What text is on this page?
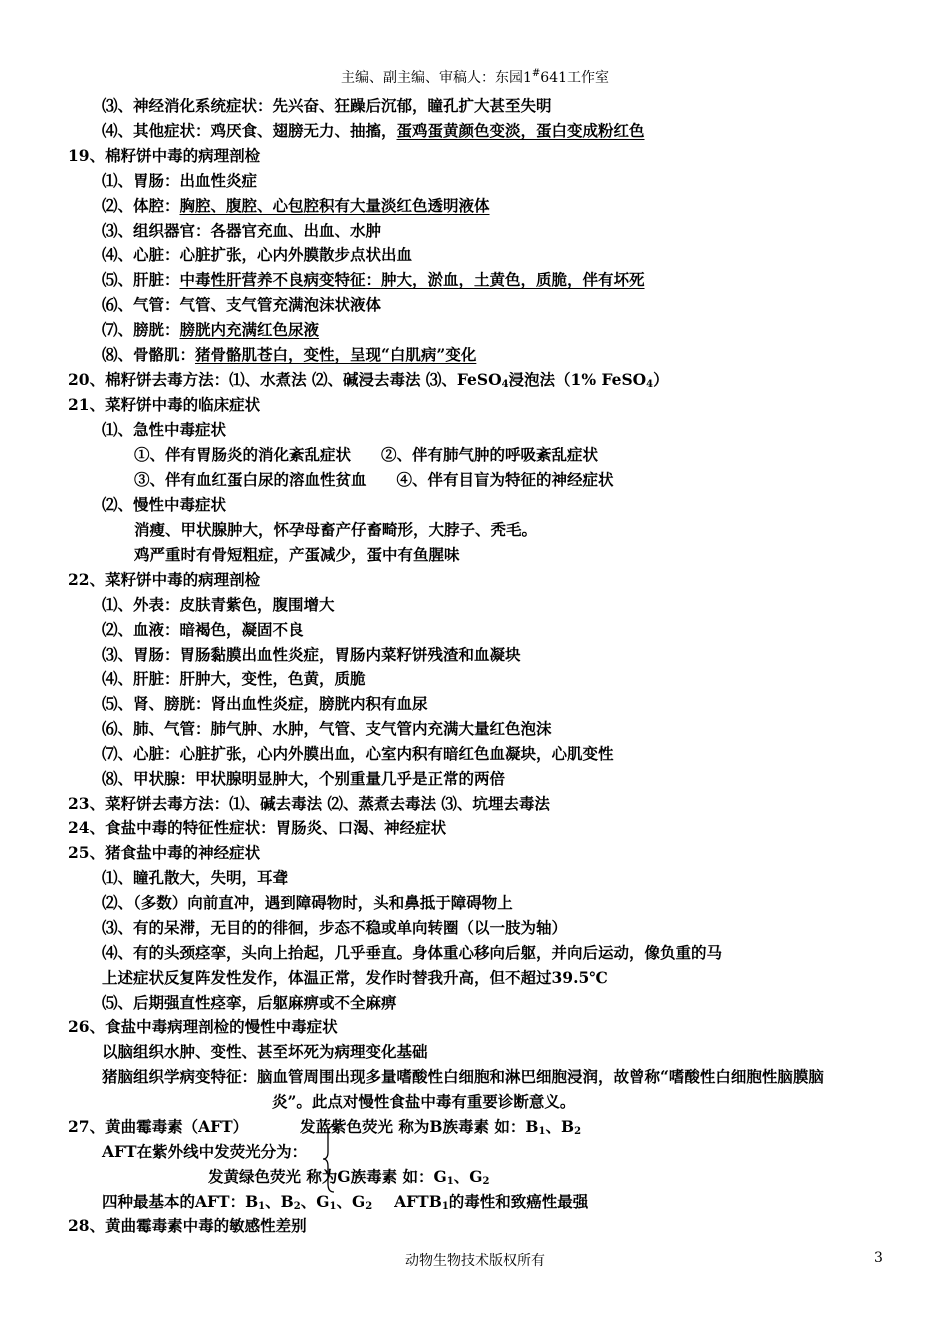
主编、副主编、审稿人：东园1#641工作室
⑶、神经消化系统症状：先兴奋、狂躁后沉郁，瞳孔扩大甚至失明
⑷、其他症状：鸡厌食、翅膀无力、抽搐，蛋鸡蛋黄颜色变淡，蛋白变成粉红色
19、棉籽饼中毒的病理剖检
⑴、胃肠：出血性炎症
⑵、体腔：胸腔、腹腔、心包腔积有大量淡红色透明液体
⑶、组织器官：各器官充血、出血、水肿
⑷、心脏：心脏扩张，心内外膜散步点状出血
⑸、肝脏：中毒性肝营养不良病变特征：肿大，淤血，土黄色，质脆，伴有坏死
⑹、气管：气管、支气管充满泡沫状液体
⑺、膀胱：膀胱内充满红色尿液
⑻、骨骼肌：猪骨骼肌苍白，变性，呈现“白肌病”变化
20、棉籽饼去毒方法：⑴、水煮法 ⑵、碱浸去毒法 ⑶、FeSO$_4$浸泡法（1% FeSO$_4$）
21、菜籽饼中毒的临床症状
⑴、急性中毒症状
①、伴有胃肠炎的消化紊乱症状 ②、伴有肺气肿的呼吸紊乱症状
③、伴有血红蛋白尿的溶血性贫血 ④、伴有目盲为特征的神经症状
⑵、慢性中毒症状
消瘦、甲状腺肿大，怀孕母畜产仔畜畸形，大脖子、秃毛。
鸡严重时有骨短粗症，产蛋减少，蛋中有鱼腥味
22、菜籽饼中毒的病理剖检
⑴、外表：皮肤青紫色，腹围增大
⑵、血液：暗褐色，凝固不良
⑶、胃肠：胃肠黏膜出血性炎症，胃肠内菜籽饼残渣和血凝块
⑷、肝脏：肝肿大，变性，色黄，质脆
⑸、肾、膀胱：肾出血性炎症，膀胱内积有血尿
⑹、肺、气管：肺气肿、水肿，气管、支气管内充满大量红色泡沫
⑺、心脏：心脏扩张，心内外膜出血，心室内积有暗红色血凝块，心肌变性
⑻、甲状腺：甲状腺明显肿大，个别重量几乎是正常的两倍
23、菜籽饼去毒方法：⑴、碱去毒法 ⑵、蒸煮去毒法 ⑶、坑埋去毒法
24、食盐中毒的特征性症状：胃肠炎、口渴、神经症状
25、猪食盐中毒的神经症状
⑴、瞳孔散大，失明，耳聋
⑵、（多数）向前直冲，遇到障碍物时，头和鼻抵于障碍物上
⑶、有的呆滞，无目的的徘徊，步态不稳或单向转圈（以一肢为轴）
⑷、有的头颈痉挛，头向上抬起，几乎垂直。身体重心移向后躯，并向后运动，像负重的马
上述症状反复阵发性发作，体温正常，发作时替我升高，但不超过39.5℃
⑸、后期强直性痉挛，后躯麻痹或不全麻痹
26、食盐中毒病理剖检的慢性中毒症状
以脑组织水肿、变性、甚至坏死为病理变化基础
猪脑组织学病变特征：脑血管周围出现多量嗜酸性白细胞和淋巴细胞浸润，故曾称“嗜酸性白细胞性脑膜脑
炎”。此点对慢性食盐中毒有重要诊断意义。
27、黄曲霉毒素（AFT）	发蓝紫色荧光 称为B族毒素 如：$B_1$、$B_2$
AFT在紫外线中发荧光分为：
发黄绿色荧光 称为G族毒素 如：$G_1$、$G_2$
四种最基本的AFT：$B_1$、$B_2$、$G_1$、$G_2$ $AFTB_1$的毒性和致癌性最强
28、黄曲霉毒素中毒的敏感性差别
动物生物技术版权所有	3
